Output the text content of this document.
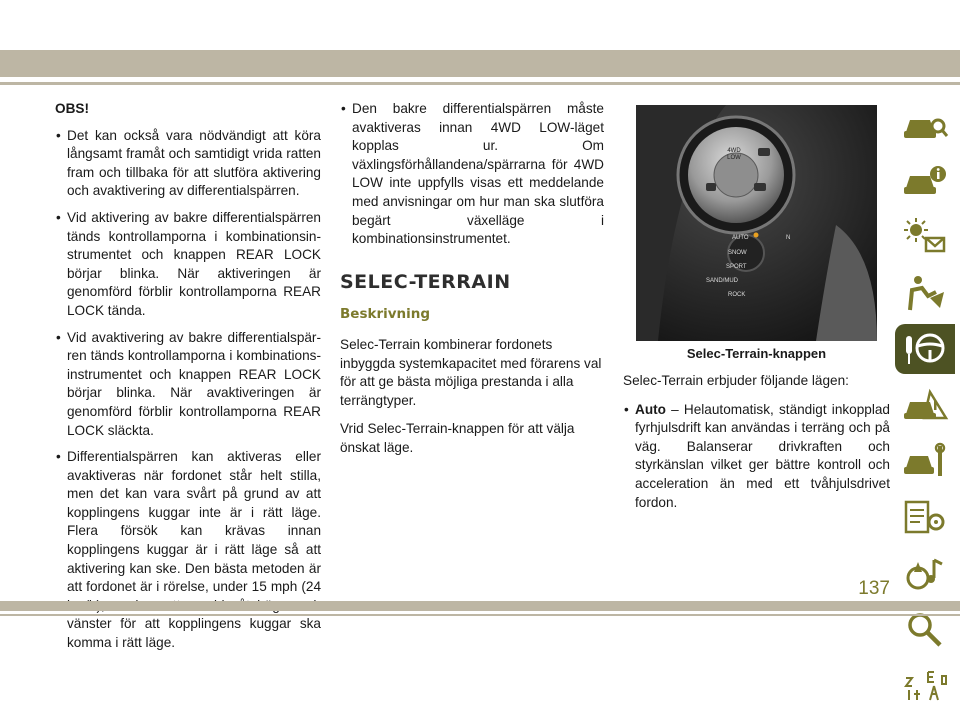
OBS!
• Det kan också vara nödvändigt att köra långsamt framåt och samtidigt vrida ratten fram och tillbaka för att slutföra aktivering och avaktivering av differentialspärren.
• Vid aktivering av bakre differentialspärren tänds kontrollamporna i kombinationsinstrumentet och knappen REAR LOCK börjar blinka. När aktiveringen är genomförd förblir kontrollamporna REAR LOCK tända.
• Vid avaktivering av bakre differentialspärren tänds kontrollamporna i kombinationsinstrumentet och knappen REAR LOCK börjar blinka. När avaktiveringen är genomförd förblir kontrollamporna REAR LOCK släckta.
• Differentialspärren kan aktiveras eller avaktiveras när fordonet står helt stilla, men det kan vara svårt på grund av att kopplingens kuggar inte är i rätt läge. Flera försök kan krävas innan kopplingens kuggar är i rätt läge så att aktivering kan ske. Den bästa metoden är att fordonet är i rörelse, under 15 mph (24 vänster för att kopplingens kuggar ska komma i rätt läge.
• Den bakre differentialspärren måste avaktiveras innan 4WD LOW-läget kopplas ur. Om växlingsförhållandena/spärrarna för 4WD LOW inte uppfylls visas ett meddelande med anvisningar om hur man ska slutföra begärt växelläge i kombinationsinstrumentet.
SELEC-TERRAIN
Beskrivning

Selec-Terrain kombinerar fordonets inbyggda systemkapacitet med förarens val för att ge bästa möjliga prestanda i alla terrängtyper.

Vrid Selec-Terrain-knappen för att välja önskat läge.

4WD
LOW
AUTO	N
SNOW
SPORT
SAND/MUD
ROCK
Selec-Terrain-knappen

Selec-Terrain erbjuder följande lägen:

• Auto – Helautomatisk, ständigt inkopplad fyrhjulsdrift kan användas i terräng och på väg. Balanserar drivkraften och styrkänslan vilket ger bättre kontroll och acceleration än med ett tvåhjulsdrivet fordon.
137
